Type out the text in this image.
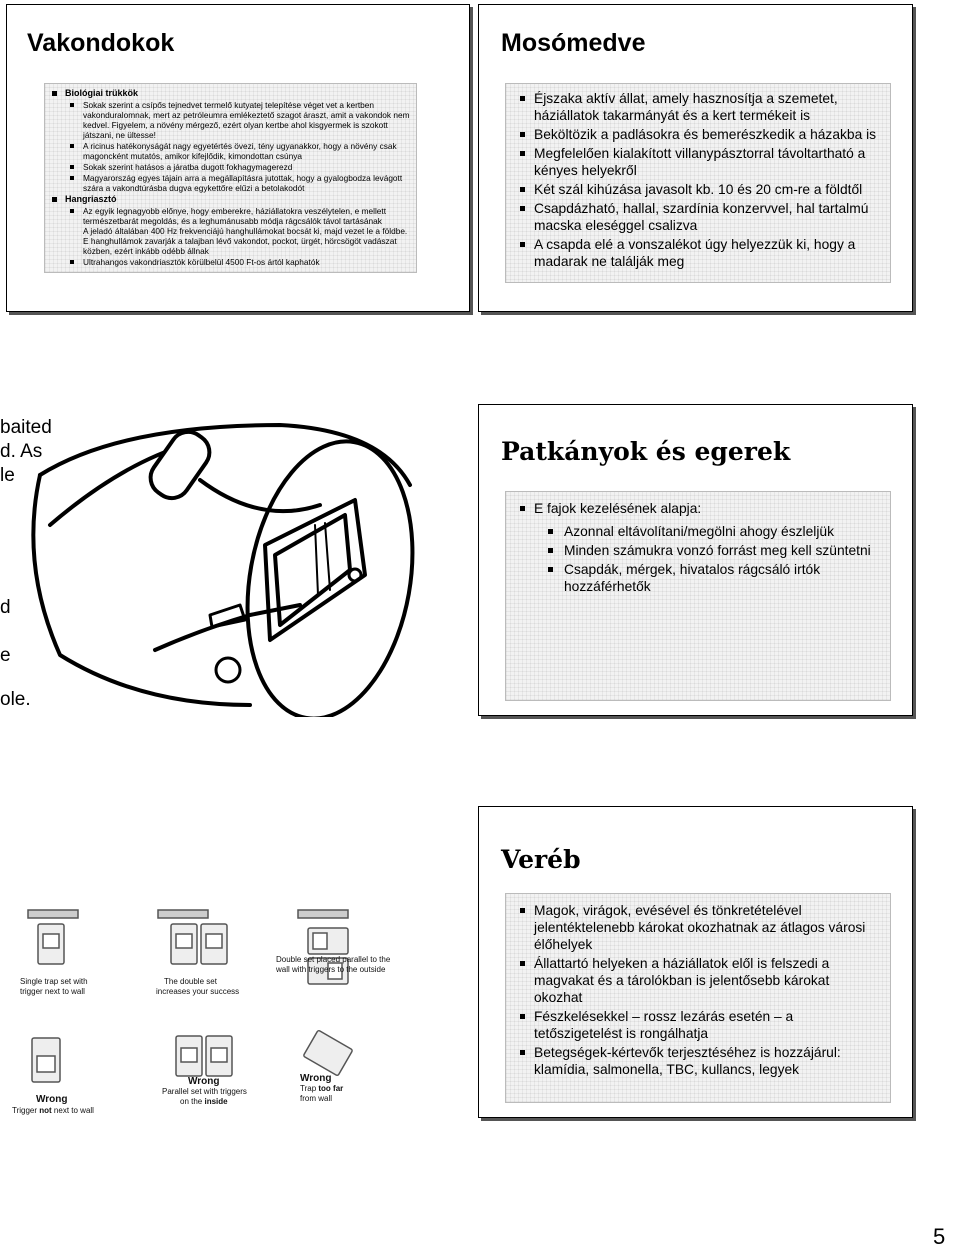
Vakondokok
Biológiai trükkök
Sokak szerint a csípős tejnedvet termelő kutyatej telepítése véget vet a kertben vakonduralomnak, mert az petróleumra emlékeztető szagot áraszt, amit a vakondok nem kedvel. Figyelem, a növény mérgező, ezért olyan kertbe ahol kisgyermek is szokott játszani, ne ültesse!
A ricinus hatékonyságát nagy egyetértés övezi, tény ugyanakkor, hogy a növény csak magoncként mutatós, amikor kifejlődik, kimondottan csúnya
Sokak szerint hatásos a járatba dugott fokhagymagerezd
Magyarország egyes tájain arra a megállapításra jutottak, hogy a gyalogbodza levágott szára a vakondtúrásba dugva egykettőre elűzi a betolakodót
Hangriasztó
Az egyik legnagyobb előnye, hogy emberekre, háziállatokra veszélytelen, e mellett természetbarát megoldás, és a leghumánusabb módja rágcsálók távol tartásának
A jeladó általában 400 Hz frekvenciájú hanghullámokat bocsát ki, majd vezet le a földbe. E hanghullámok zavarják a talajban lévő vakondot, pockot, ürgét, hörcsögöt vadászat közben, ezért inkább odébb állnak
Ultrahangos vakondriasztók körülbelül 4500 Ft-os ártól kaphatók
Mosómedve
Éjszaka aktív állat, amely hasznosítja a szemetet, háziállatok takarmányát és a kert termékeit is
Beköltözik a padlásokra és bemerészkedik a házakba is
Megfelelően kialakított villanypásztorral távoltartható a kényes helyekről
Két szál kihúzása javasolt kb. 10 és 20 cm-re a földtől
Csapdázható, hallal, szardínia konzervvel, hal tartalmú macska eleséggel csalizva
A csapda elé a vonszalékot úgy helyezzük ki, hogy a madarak ne találják meg
baited
d. As
le
d
e
ole.
Patkányok és egerek
E fajok kezelésének alapja:
Azonnal eltávolítani/megölni ahogy észleljük
Minden számukra vonzó forrást meg kell szüntetni
Csapdák, mérgek, hivatalos rágcsáló irtók hozzáférhetők
Single trap set with
trigger next to wall
The double set
increases your success
Double set placed parallel to the
wall with triggers to the outside
Wrong
Wrong	Wrong
Trigger not next to wall
Parallel set with triggers
on the inside
Trap too far
from wall
Veréb
Magok, virágok, evésével és tönkretételével jelentéktelenebb károkat okozhatnak az átlagos városi élőhelyek
Állattartó helyeken a háziállatok elől is felszedi a magvakat és a tárolókban is jelentősebb károkat okozhat
Fészkelésekkel – rossz lezárás esetén – a tetőszigetelést is rongálhatja
Betegségek-kértevők terjesztéséhez is hozzájárul: klamídia, salmonella, TBC, kullancs, legyek
5
